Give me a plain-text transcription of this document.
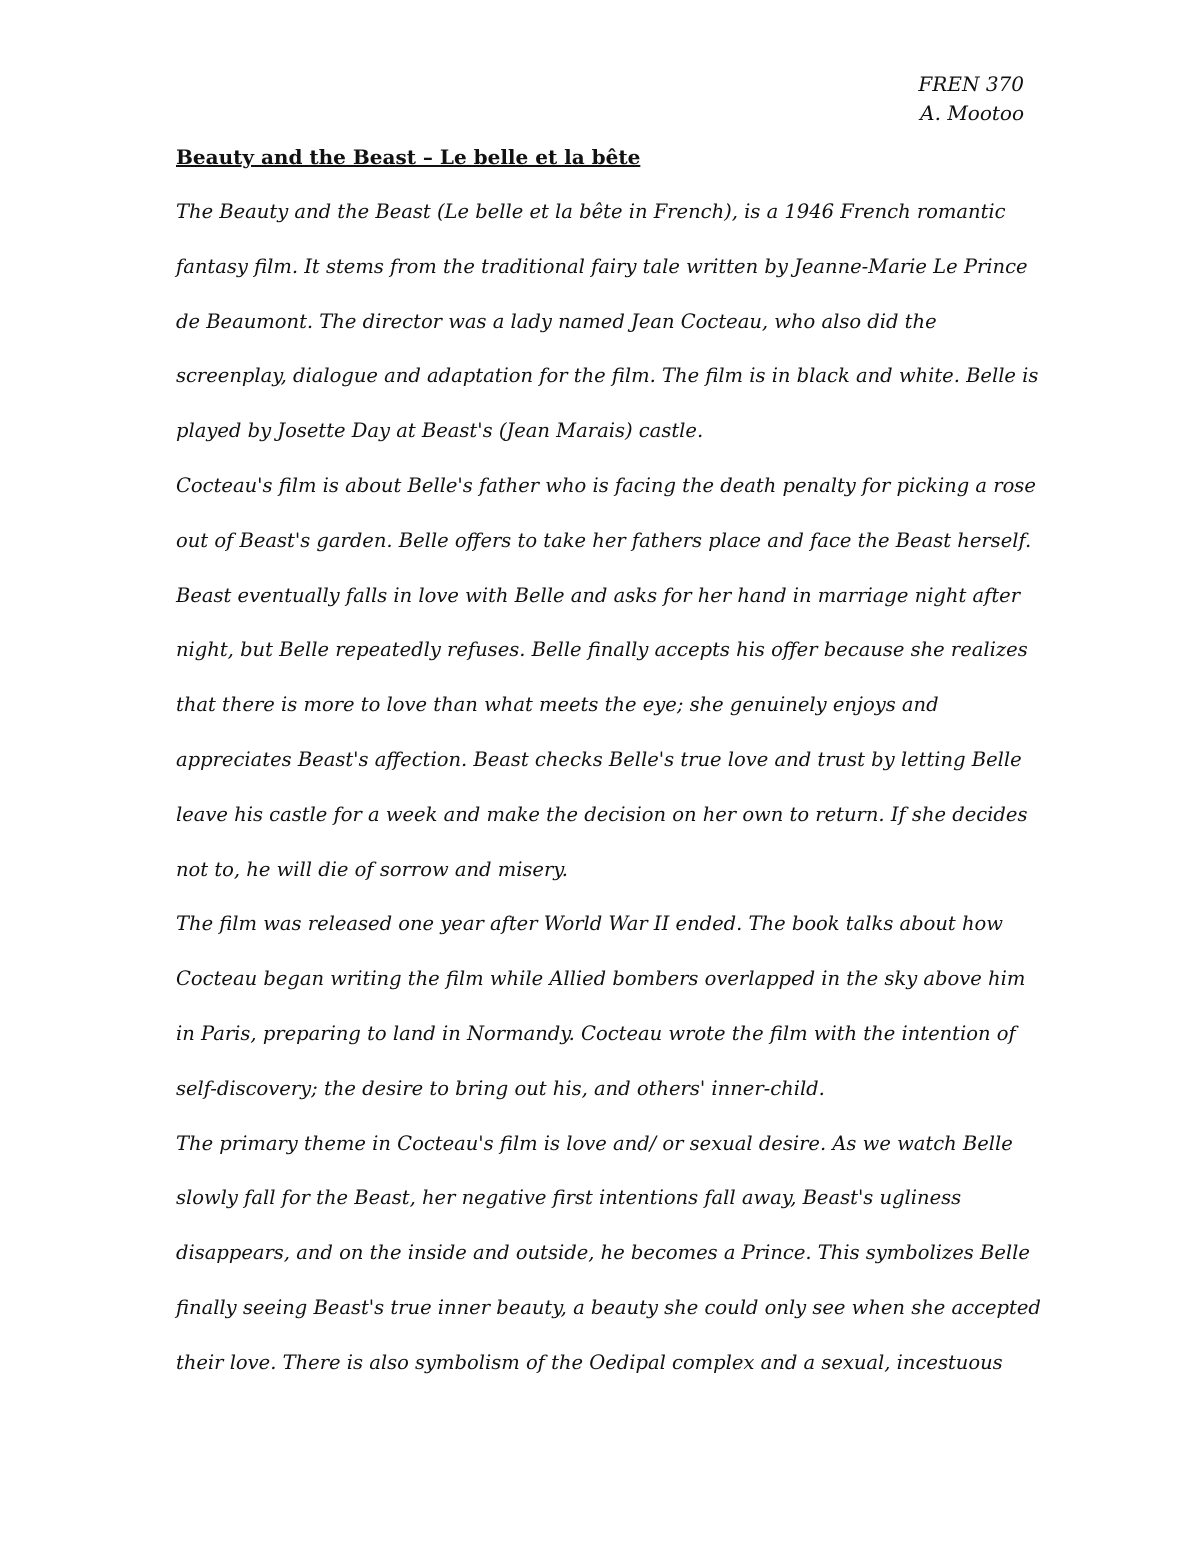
FREN 370
A. Mootoo
Beauty and the Beast – Le belle et la bête
The Beauty and the Beast (Le belle et la bête in French), is a 1946 French romantic
fantasy film. It stems from the traditional fairy tale written by Jeanne-Marie Le Prince
de Beaumont. The director was a lady named Jean Cocteau, who also did the
screenplay, dialogue and adaptation for the film. The film is in black and white. Belle is
played by Josette Day at Beast's (Jean Marais) castle.
Cocteau's film is about Belle's father who is facing the death penalty for picking a rose
out of Beast's garden. Belle offers to take her fathers place and face the Beast herself.
Beast eventually falls in love with Belle and asks for her hand in marriage night after
night, but Belle repeatedly refuses. Belle finally accepts his offer because she realizes
that there is more to love than what meets the eye; she genuinely enjoys and
appreciates Beast's affection. Beast checks Belle's true love and trust by letting Belle
leave his castle for a week and make the decision on her own to return. If she decides
not to, he will die of sorrow and misery.
The film was released one year after World War II ended. The book talks about how
Cocteau began writing the film while Allied bombers overlapped in the sky above him
in Paris, preparing to land in Normandy. Cocteau wrote the film with the intention of
self-discovery; the desire to bring out his, and others' inner-child.
The primary theme in Cocteau's film is love and/ or sexual desire. As we watch Belle
slowly fall for the Beast, her negative first intentions fall away, Beast's ugliness
disappears, and on the inside and outside, he becomes a Prince. This symbolizes Belle
finally seeing Beast's true inner beauty, a beauty she could only see when she accepted
their love. There is also symbolism of the Oedipal complex and a sexual, incestuous
